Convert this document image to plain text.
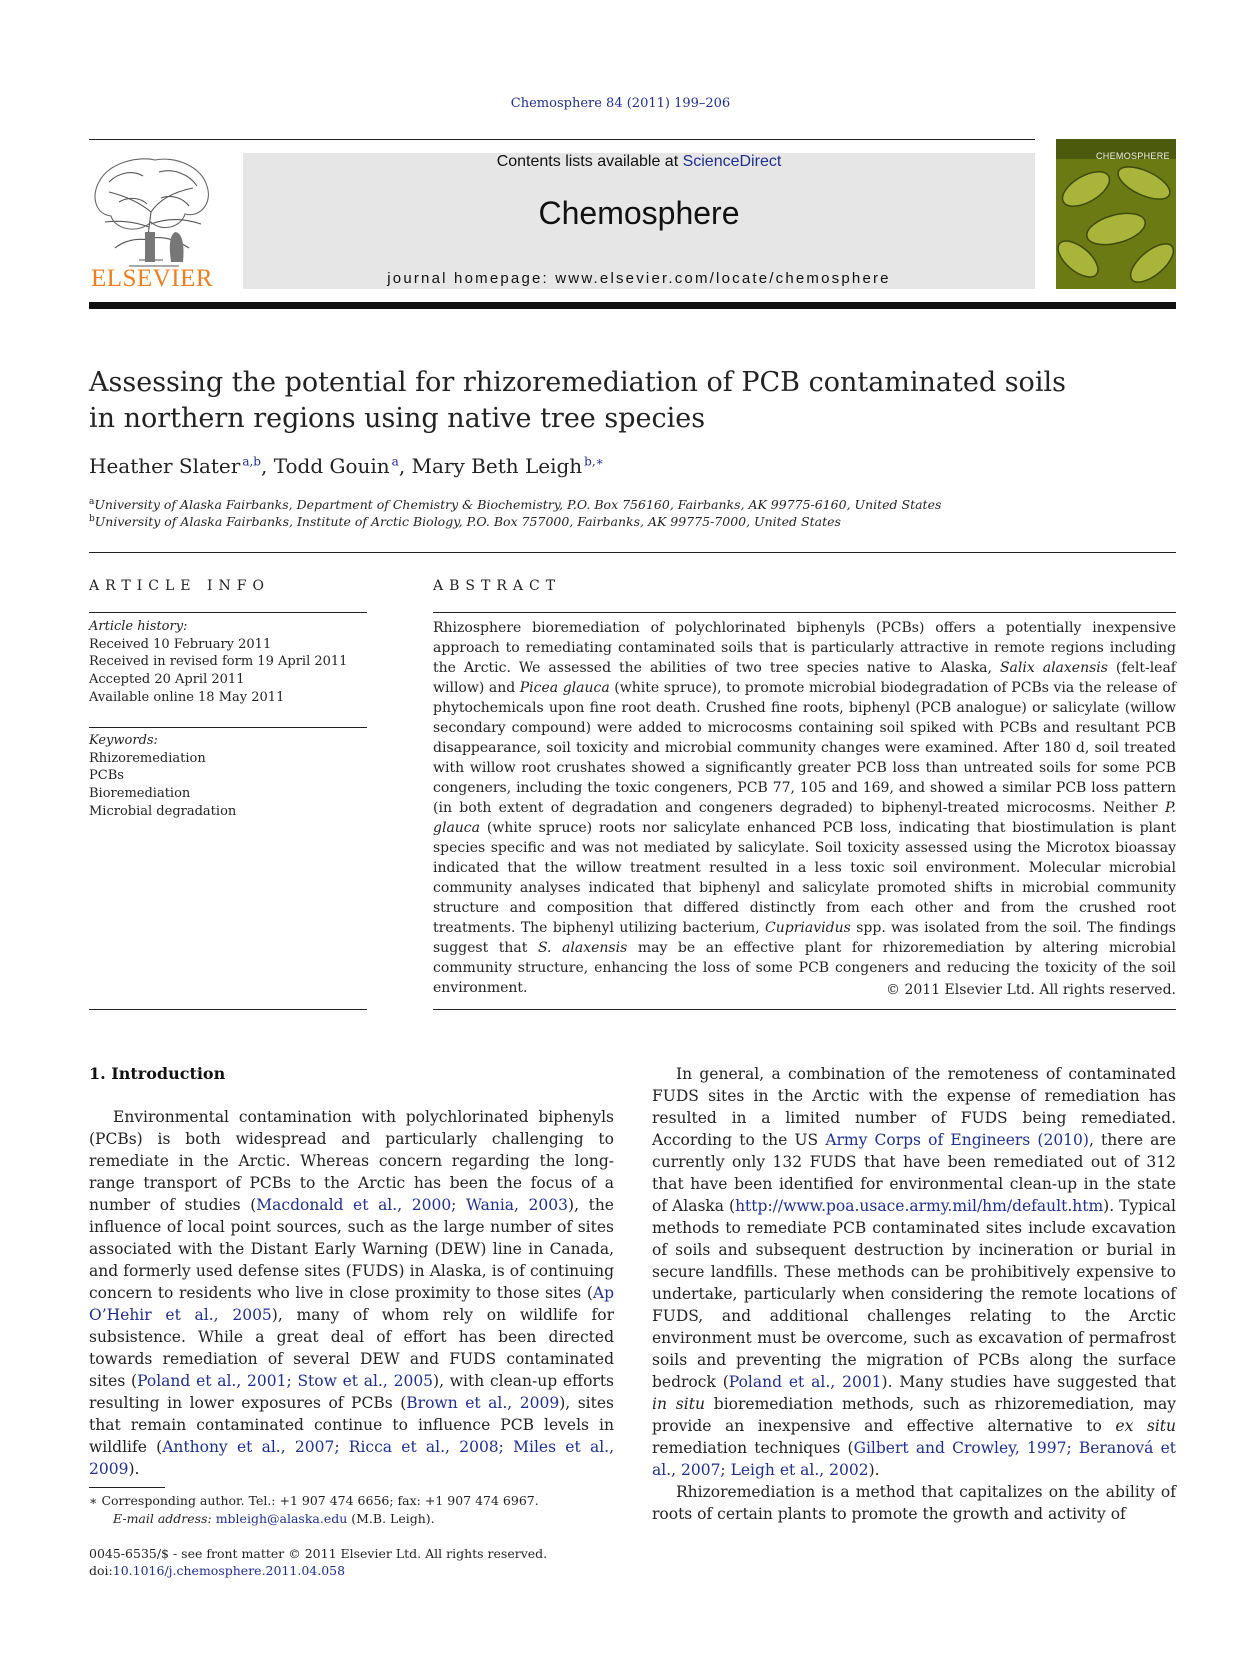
Chemosphere 84 (2011) 199–206
ELSEVIER
Contents lists available at ScienceDirect
Chemosphere
journal homepage: www.elsevier.com/locate/chemosphere
CHEMOSPHERE
Assessing the potential for rhizoremediation of PCB contaminated soils
in northern regions using native tree species
Heather Slater  $^{a,b}$, Todd Gouin  $^a$, Mary Beth Leigh  $^{b,∗}$
$^a$University of Alaska Fairbanks, Department of Chemistry & Biochemistry, P.O. Box 756160, Fairbanks, AK 99775-6160, United States
$^b$University of Alaska Fairbanks, Institute of Arctic Biology, P.O. Box 757000, Fairbanks, AK 99775-7000, United States
ARTICLE INFO
Article history:
Received 10 February 2011
Received in revised form 19 April 2011
Accepted 20 April 2011
Available online 18 May 2011
Keywords:
Rhizoremediation
PCBs
Bioremediation
Microbial degradation
ABSTRACT
Rhizosphere bioremediation of polychlorinated biphenyls (PCBs) offers a potentially inexpensive approach to remediating contaminated soils that is particularly attractive in remote regions including the Arctic. We assessed the abilities of two tree species native to Alaska, Salix alaxensis (felt-leaf willow) and Picea glauca (white spruce), to promote microbial biodegradation of PCBs via the release of phytochemicals upon fine root death. Crushed fine roots, biphenyl (PCB analogue) or salicylate (willow secondary compound) were added to microcosms containing soil spiked with PCBs and resultant PCB disappearance, soil toxicity and microbial community changes were examined. After 180 d, soil treated with willow root crushates showed a significantly greater PCB loss than untreated soils for some PCB congeners, including the toxic congeners, PCB 77, 105 and 169, and showed a similar PCB loss pattern (in both extent of degradation and congeners degraded) to biphenyl-treated microcosms. Neither P. glauca (white spruce) roots nor salicylate enhanced PCB loss, indicating that biostimulation is plant species specific and was not mediated by salicylate. Soil toxicity assessed using the Microtox bioassay indicated that the willow treatment resulted in a less toxic soil environment. Molecular microbial community analyses indicated that biphenyl and salicylate promoted shifts in microbial community structure and composition that differed distinctly from each other and from the crushed root treatments. The biphenyl utilizing bacterium, Cupriavidus spp. was isolated from the soil. The findings suggest that S. alaxensis may be an effective plant for rhizoremediation by altering microbial community structure, enhancing the loss of some PCB congeners and reducing the toxicity of the soil environment.	© 2011 Elsevier Ltd. All rights reserved.
1. Introduction
Environmental contamination with polychlorinated biphenyls (PCBs) is both widespread and particularly challenging to remediate in the Arctic. Whereas concern regarding the long-range transport of PCBs to the Arctic has been the focus of a number of studies (Macdonald et al., 2000; Wania, 2003), the influence of local point sources, such as the large number of sites associated with the Distant Early Warning (DEW) line in Canada, and formerly used defense sites (FUDS) in Alaska, is of continuing concern to residents who live in close proximity to those sites (Ap O’Hehir et al., 2005), many of whom rely on wildlife for subsistence. While a great deal of effort has been directed towards remediation of several DEW and FUDS contaminated sites (Poland et al., 2001; Stow et al., 2005), with clean-up efforts resulting in lower exposures of PCBs (Brown et al., 2009), sites that remain contaminated continue to influence PCB levels in wildlife (Anthony et al., 2007; Ricca et al., 2008; Miles et al., 2009).

In general, a combination of the remoteness of contaminated FUDS sites in the Arctic with the expense of remediation has resulted in a limited number of FUDS being remediated. According to the US Army Corps of Engineers (2010), there are currently only 132 FUDS that have been remediated out of 312 that have been identified for environmental clean-up in the state of Alaska (http://www.poa.usace.army.mil/hm/default.htm). Typical methods to remediate PCB contaminated sites include excavation of soils and subsequent destruction by incineration or burial in secure landfills. These methods can be prohibitively expensive to undertake, particularly when considering the remote locations of FUDS, and additional challenges relating to the Arctic environment must be overcome, such as excavation of permafrost soils and preventing the migration of PCBs along the surface bedrock (Poland et al., 2001). Many studies have suggested that in situ bioremediation methods, such as rhizoremediation, may provide an inexpensive and effective alternative to ex situ remediation techniques (Gilbert and Crowley, 1997; Beranová et al., 2007; Leigh et al., 2002).

Rhizoremediation is a method that capitalizes on the ability of roots of certain plants to promote the growth and activity of

∗ Corresponding author. Tel.: +1 907 474 6656; fax: +1 907 474 6967.
E-mail address: mbleigh@alaska.edu (M.B. Leigh).
0045-6535/$ - see front matter © 2011 Elsevier Ltd. All rights reserved.
doi:10.1016/j.chemosphere.2011.04.058
